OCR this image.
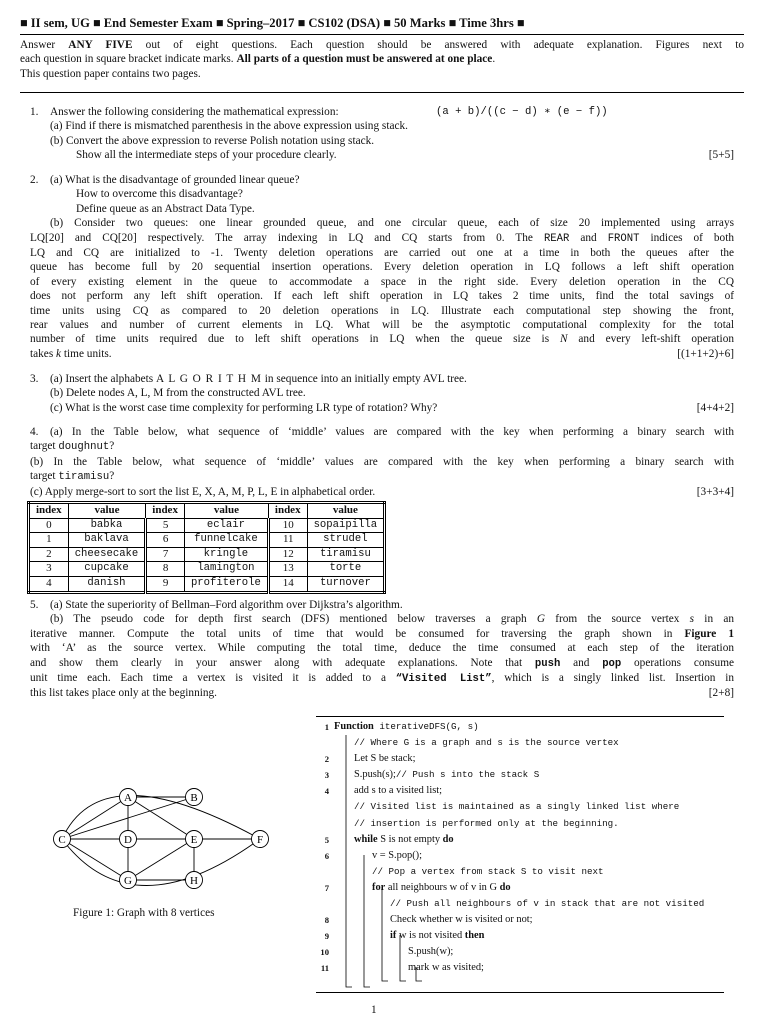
■ II sem, UG ■ End Semester Exam ■ Spring–2017 ■ CS102 (DSA) ■ 50 Marks ■ Time 3hrs ■
Answer ANY FIVE out of eight questions. Each question should be answered with adequate explanation. Figures next to
each question in square bracket indicate marks. All parts of a question must be answered at one place.
This question paper contains two pages.
1. Answer the following considering the mathematical expression:	(a + b)/((c − d) ∗ (e − f))
(a) Find if there is mismatched parenthesis in the above expression using stack.
(b) Convert the above expression to reverse Polish notation using stack.
Show all the intermediate steps of your procedure clearly.	[5+5]
2. (a) What is the disadvantage of grounded linear queue?
How to overcome this disadvantage?
Define queue as an Abstract Data Type.
(b) Consider two queues: one linear grounded queue, and one circular queue, each of size 20 implemented using arrays
LQ[20] and CQ[20] respectively. The array indexing in LQ and CQ starts from 0. The REAR and FRONT indices of both
LQ and CQ are initialized to -1. Twenty deletion operations are carried out one at a time in both the queues after the
queue has become full by 20 sequential insertion operations. Every deletion operation in LQ follows a left shift operation
of every existing element in the queue to accommodate a space in the right side. Every deletion operation in the CQ
does not perform any left shift operation. If each left shift operation in LQ takes 2 time units, find the total savings of
time units using CQ as compared to 20 deletion operations in LQ. Illustrate each computational step showing the front,
rear values and number of current elements in LQ. What will be the asymptotic computational complexity for the total
number of time units required due to left shift operations in LQ when the queue size is N and every left-shift operation
takes k time units.	[(1+1+2)+6]
3. (a) Insert the alphabets A L G O R I T H M in sequence into an initially empty AVL tree.
(b) Delete nodes A, L, M from the constructed AVL tree.
(c) What is the worst case time complexity for performing LR type of rotation? Why?	[4+4+2]
4. (a) In the Table below, what sequence of ‘middle’ values are compared with the key when performing a binary search with
target doughnut?
(b) In the Table below, what sequence of ‘middle’ values are compared with the key when performing a binary search with
target tiramisu?
(c) Apply merge-sort to sort the list E, X, A, M, P, L, E in alphabetical order.	[3+3+4]
index	value	index	value	index	value
0	babka	5	eclair	10	sopaipilla
1	baklava	6	funnelcake	11	strudel
2	cheesecake	7	kringle	12	tiramisu
3	cupcake	8	lamington	13	torte
4	danish	9	profiterole	14	turnover
5. (a) State the superiority of Bellman–Ford algorithm over Dijkstra’s algorithm.
(b) The pseudo code for depth first search (DFS) mentioned below traverses a graph G from the source vertex s in an
iterative manner. Compute the total units of time that would be consumed for traversing the graph shown in Figure 1
with ‘A’ as the source vertex. While computing the total time, deduce the time consumed at each step of the iteration
and show them clearly in your answer along with adequate explanations. Note that push and pop operations consume
unit time each. Each time a vertex is visited it is added to a “Visited List”, which is a singly linked list. Insertion in
this list takes place only at the beginning.	[2+8]
A	B
C	D	E	F
G	H
Figure 1: Graph with 8 vertices
1 Function iterativeDFS(G, s)
// Where G is a graph and s is the source vertex
2 Let S be stack;
3 S.push(s);// Push s into the stack S
4 add s to a visited list;
// Visited list is maintained as a singly linked list where
// insertion is performed only at the beginning.
5 while S is not empty do
6	v = S.pop();
// Pop a vertex from stack S to visit next
7	for all neighbours w of v in G do
// Push all neighbours of v in stack that are not visited
8	Check whether w is visited or not;
9	if w is not visited then
10	S.push(w);
11	mark w as visited;
1
